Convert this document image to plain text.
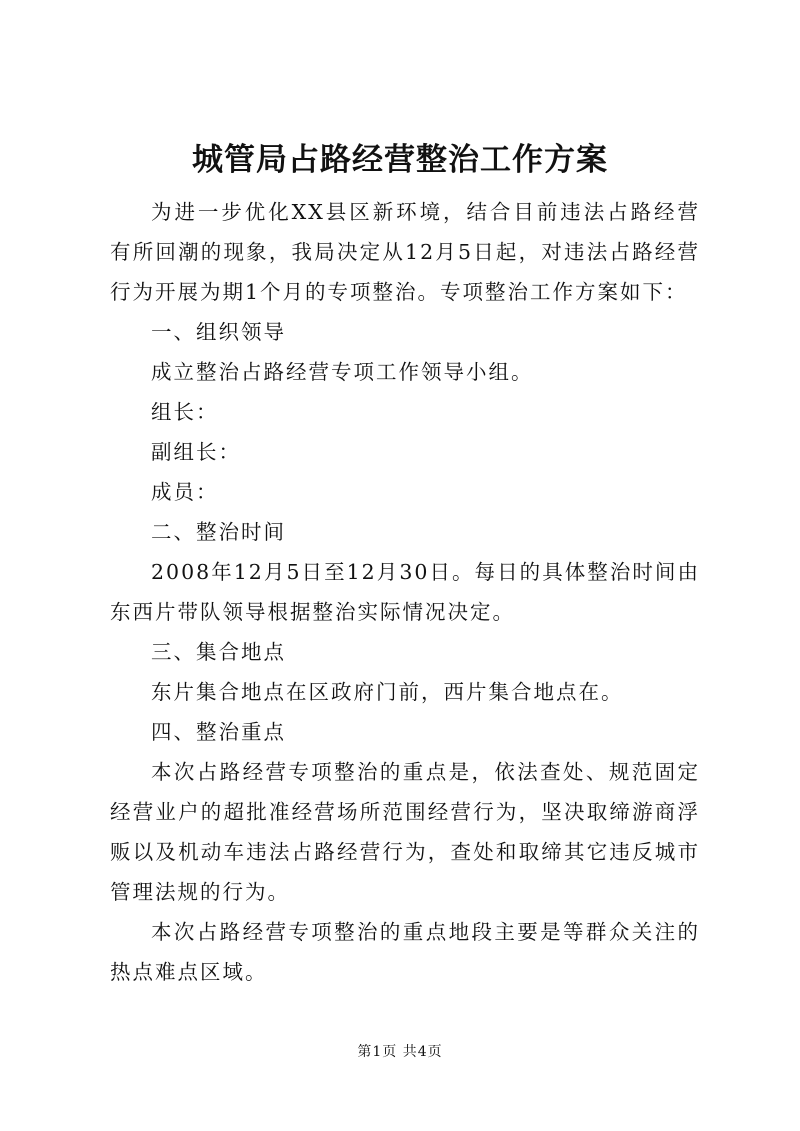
城管局占路经营整治工作方案

为进一步优化XX县区新环境，结合目前违法占路经营有所回潮的现象，我局决定从12月5日起，对违法占路经营行为开展为期1个月的专项整治。专项整治工作方案如下：

一、组织领导

成立整治占路经营专项工作领导小组。

组长：

副组长：

成员：

二、整治时间

2008年12月5日至12月30日。每日的具体整治时间由东西片带队领导根据整治实际情况决定。

三、集合地点

东片集合地点在区政府门前，西片集合地点在。

四、整治重点

本次占路经营专项整治的重点是，依法查处、规范固定经营业户的超批准经营场所范围经营行为，坚决取缔游商浮贩以及机动车违法占路经营行为，查处和取缔其它违反城市管理法规的行为。

本次占路经营专项整治的重点地段主要是等群众关注的热点难点区域。

第1页 共4页
